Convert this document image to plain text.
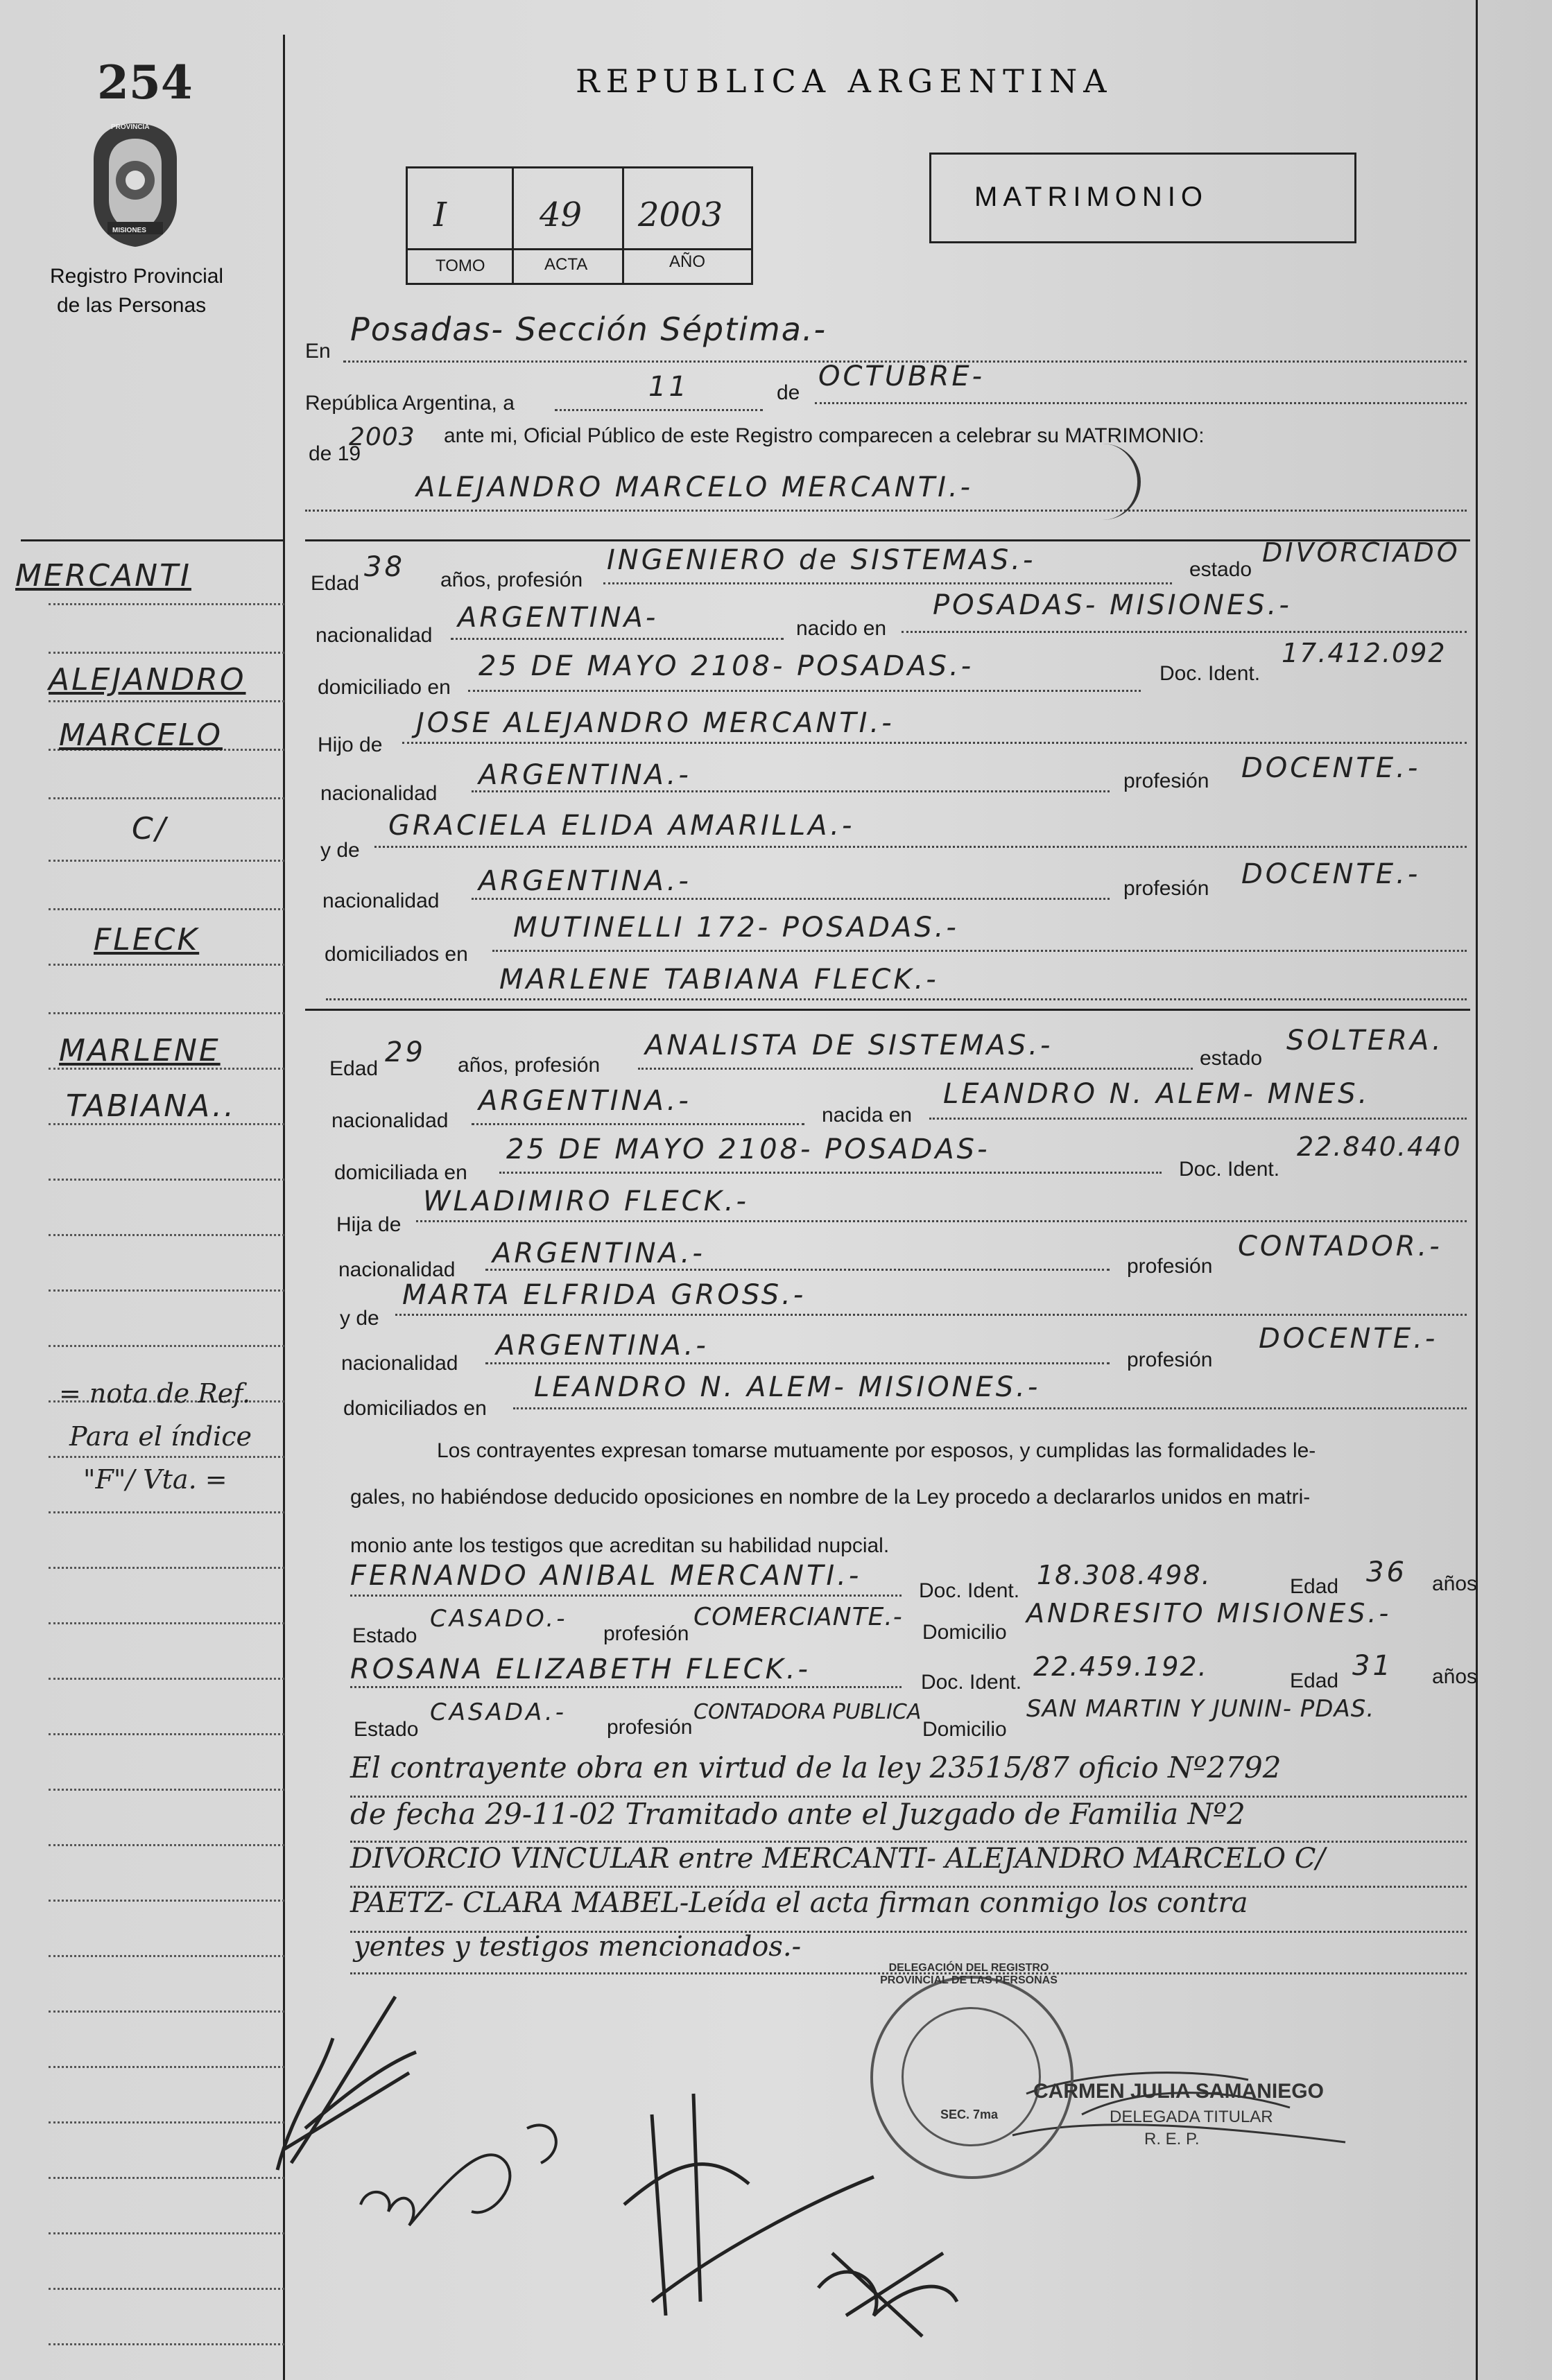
254
PROVINCIA
MISIONES
Registro Provincial
de las Personas
REPUBLICA ARGENTINA
I	49 2003
TOMO	ACTA	AÑO
MATRIMONIO
En
Posadas- Sección Séptima.-
República Argentina, a
11	de
OCTUBRE-
de 19
2003 ante mi, Oficial Público de este Registro comparecen a celebrar su MATRIMONIO:
ALEJANDRO MARCELO MERCANTI.-
Edad
38 años, profesión
INGENIERO de SISTEMAS.-	estado
DIVORCIADO
nacionalidad
ARGENTINA-	nacido en
POSADAS- MISIONES.-
domiciliado en
25 DE MAYO 2108- POSADAS.-	Doc. Ident.
17.412.092
Hijo de
JOSE ALEJANDRO MERCANTI.-
nacionalidad
ARGENTINA.-	profesión DOCENTE.-
y de
GRACIELA ELIDA AMARILLA.-
nacionalidad
ARGENTINA.-	profesión DOCENTE.-
domiciliados en
MUTINELLI 172- POSADAS.-
MARLENE TABIANA FLECK.-
Edad
29 años, profesión
ANALISTA DE SISTEMAS.-	estado
SOLTERA.
nacionalidad
ARGENTINA.-	nacida en
LEANDRO N. ALEM- MNES.
domiciliada en
25 DE MAYO 2108- POSADAS-
Doc. Ident.
22.840.440
Hija de
WLADIMIRO FLECK.-
nacionalidad
ARGENTINA.-	profesión
CONTADOR.-
y de
MARTA ELFRIDA GROSS.-
nacionalidad
ARGENTINA.-	profesión
DOCENTE.-
domiciliados en
LEANDRO N. ALEM- MISIONES.-
Los contrayentes expresan tomarse mutuamente por esposos, y cumplidas las formalidades le-
gales, no habiéndose deducido oposiciones en nombre de la Ley procedo a declararlos unidos en matri-
monio ante los testigos que acreditan su habilidad nupcial.
FERNANDO ANIBAL MERCANTI.-	Doc. Ident.
18.308.498.	Edad 36 años
Estado
CASADO.-
profesión
COMERCIANTE.-
Domicilio
ANDRESITO MISIONES.-
ROSANA ELIZABETH FLECK.-	Doc. Ident.
22.459.192.	Edad 31 años
Estado
CASADA.-
profesión
CONTADORA PUBLICA
Domicilio
SAN MARTIN Y JUNIN- PDAS.
El contrayente obra en virtud de la ley 23515/87 oficio Nº2792
de fecha 29-11-02 Tramitado ante el Juzgado de Familia Nº2
DIVORCIO VINCULAR entre MERCANTI- ALEJANDRO MARCELO C/
PAETZ- CLARA MABEL-Leída el acta firman conmigo los contra
yentes y testigos mencionados.-
DELEGACIÓN DEL REGISTRO PROVINCIAL DE LAS PERSONAS
SEC. 7ma
CARMEN JULIA SAMANIEGO
DELEGADA TITULAR
R. E. P.
MERCANTI
ALEJANDRO
MARCELO
C/
FLECK
MARLENE
TABIANA..
= nota de Ref.
Para el índice
"F"/ Vta. =
